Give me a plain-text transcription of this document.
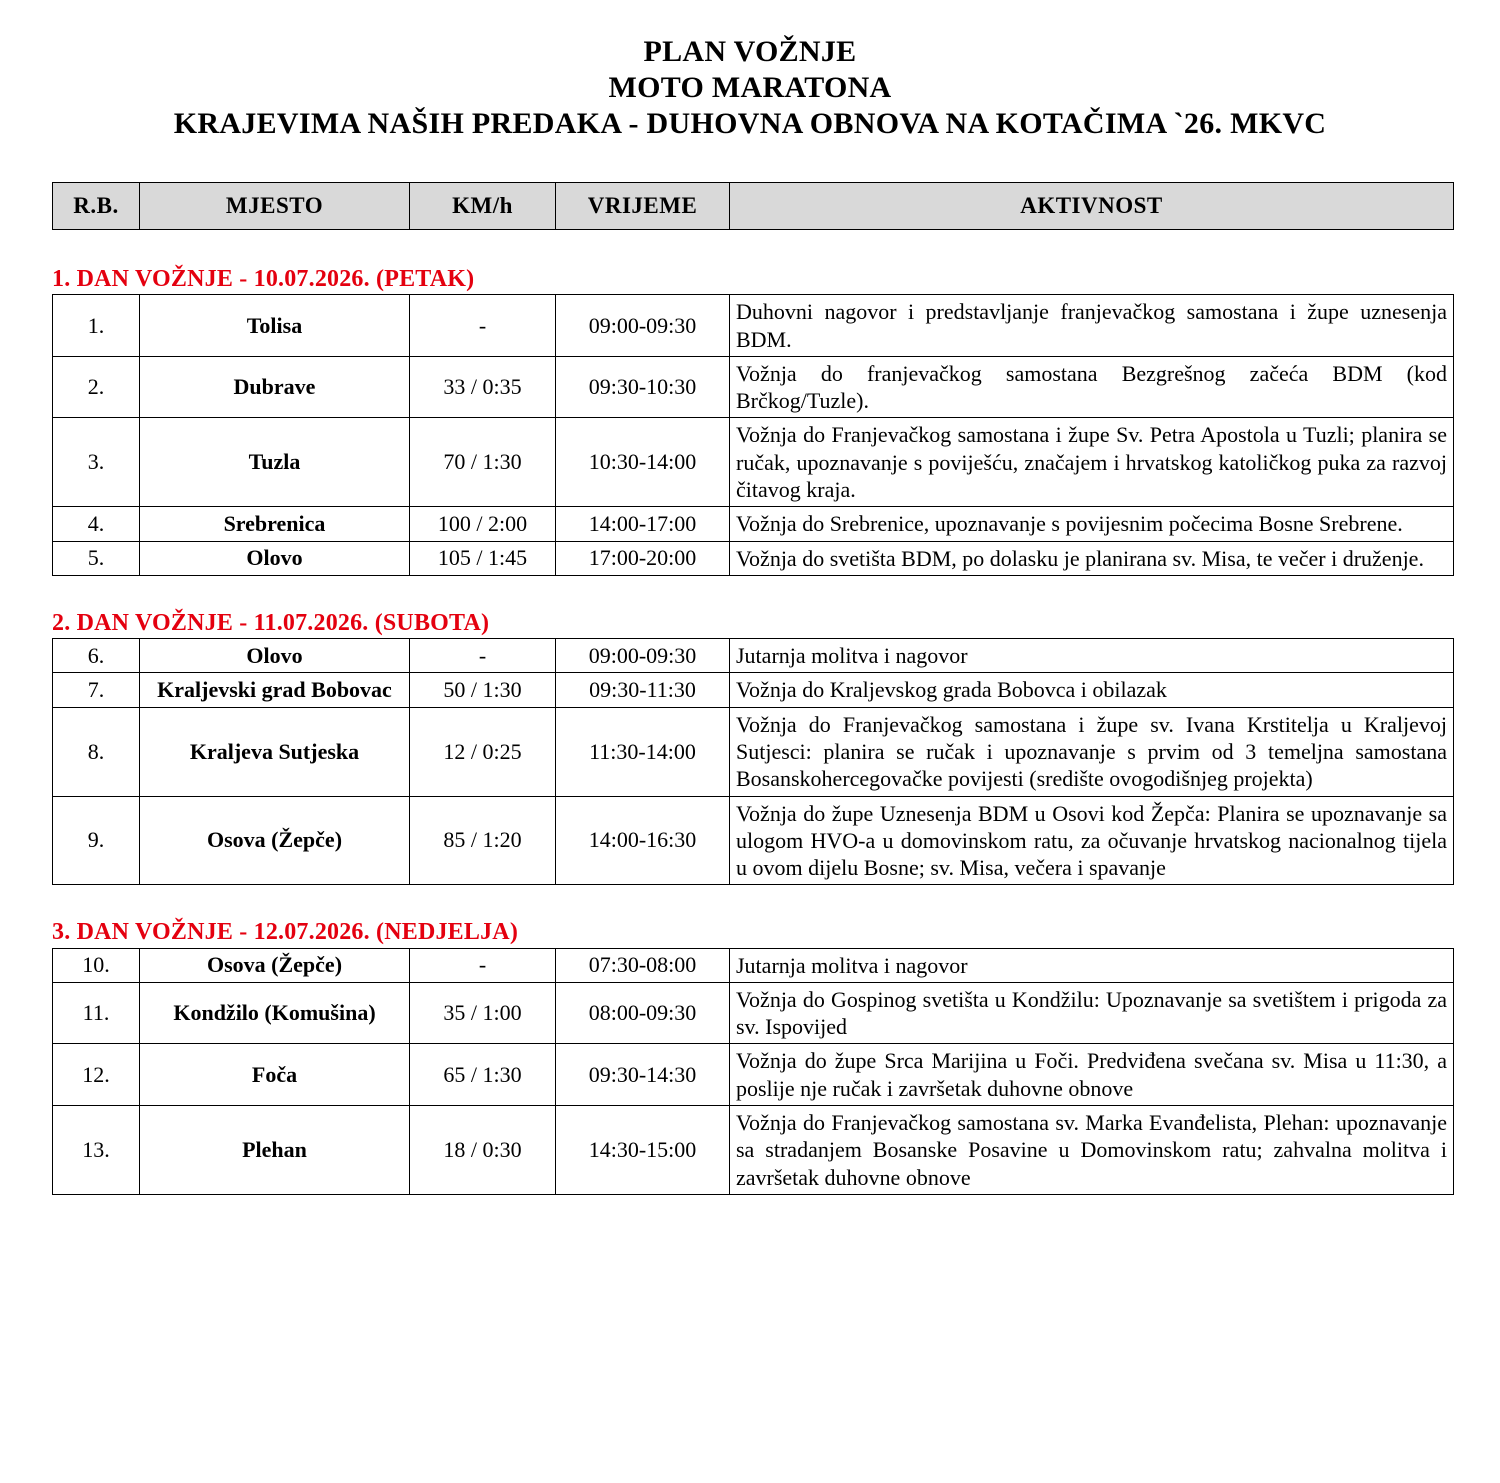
PLAN VOŽNJE
MOTO MARATONA
KRAJEVIMA NAŠIH PREDAKA - DUHOVNA OBNOVA NA KOTAČIMA `26. MKVC
R.B.	MJESTO	KM/h	VRIJEME	AKTIVNOST
1. DAN VOŽNJE - 10.07.2026. (PETAK)
1.	Tolisa	-	09:00-09:30	Duhovni nagovor i predstavljanje franjevačkog samostana i župe uznesenja BDM.
2.	Dubrave	33 / 0:35	09:30-10:30	Vožnja do franjevačkog samostana Bezgrešnog začeća BDM (kod Brčkog/Tuzle).
3.	Tuzla	70 / 1:30	10:30-14:00	Vožnja do Franjevačkog samostana i župe Sv. Petra Apostola u Tuzli; planira se ručak, upoznavanje s poviješću, značajem i hrvatskog katoličkog puka za razvoj čitavog kraja.
4.	Srebrenica	100 / 2:00	14:00-17:00	Vožnja do Srebrenice, upoznavanje s povijesnim počecima Bosne Srebrene.
5.	Olovo	105 / 1:45	17:00-20:00	Vožnja do svetišta BDM, po dolasku je planirana sv. Misa, te večer i druženje.
2. DAN VOŽNJE - 11.07.2026. (SUBOTA)
6.	Olovo	-	09:00-09:30	Jutarnja molitva i nagovor
7.	Kraljevski grad Bobovac	50 / 1:30	09:30-11:30	Vožnja do Kraljevskog grada Bobovca i obilazak
8.	Kraljeva Sutjeska	12 / 0:25	11:30-14:00	Vožnja do Franjevačkog samostana i župe sv. Ivana Krstitelja u Kraljevoj Sutjesci: planira se ručak i upoznavanje s prvim od 3 temeljna samostana Bosanskohercegovačke povijesti (središte ovogodišnjeg projekta)
9.	Osova (Žepče)	85 / 1:20	14:00-16:30	Vožnja do župe Uznesenja BDM u Osovi kod Žepča: Planira se upoznavanje sa ulogom HVO-a u domovinskom ratu, za očuvanje hrvatskog nacionalnog tijela u ovom dijelu Bosne; sv. Misa, večera i spavanje
3. DAN VOŽNJE - 12.07.2026. (NEDJELJA)
10.	Osova (Žepče)	-	07:30-08:00	Jutarnja molitva i nagovor
11.	Kondžilo (Komušina)	35 / 1:00	08:00-09:30	Vožnja do Gospinog svetišta u Kondžilu: Upoznavanje sa svetištem i prigoda za sv. Ispovijed
12.	Foča	65 / 1:30	09:30-14:30	Vožnja do župe Srca Marijina u Foči. Predviđena svečana sv. Misa u 11:30, a poslije nje ručak i završetak duhovne obnove
13.	Plehan	18 / 0:30	14:30-15:00	Vožnja do Franjevačkog samostana sv. Marka Evanđelista, Plehan: upoznavanje sa stradanjem Bosanske Posavine u Domovinskom ratu; zahvalna molitva i završetak duhovne obnove
